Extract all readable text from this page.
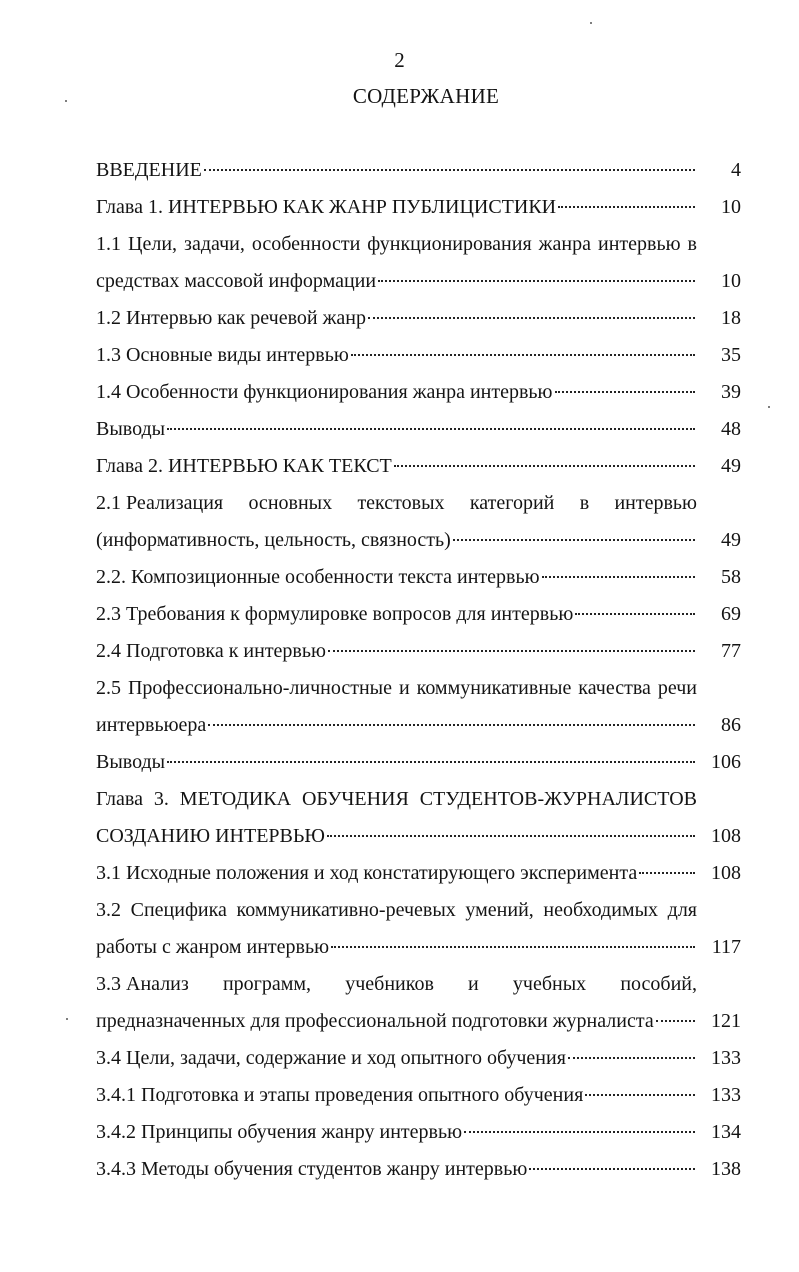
2
СОДЕРЖАНИЕ
ВВЕДЕНИЕ	4
Глава 1. ИНТЕРВЬЮ КАК ЖАНР ПУБЛИЦИСТИКИ	10
1.1 Цели, задачи, особенности функционирования жанра интервью в
средствах массовой информации	10
1.2 Интервью как речевой жанр	18
1.3 Основные виды интервью	35
1.4 Особенности функционирования жанра интервью	39
Выводы	48
Глава 2. ИНТЕРВЬЮ КАК ТЕКСТ	49
2.1 Реализация основных текстовых категорий в интервью
(информативность, цельность, связность)	49
2.2. Композиционные особенности текста интервью	58
2.3 Требования к формулировке вопросов для интервью	69
2.4 Подготовка к интервью	77
2.5 Профессионально-личностные и коммуникативные качества речи
интервьюера	86
Выводы	106
Глава 3. МЕТОДИКА ОБУЧЕНИЯ СТУДЕНТОВ-ЖУРНАЛИСТОВ
СОЗДАНИЮ ИНТЕРВЬЮ	108
3.1 Исходные положения и ход констатирующего эксперимента	108
3.2 Специфика коммуникативно-речевых умений, необходимых для
работы с жанром интервью	117
3.3 Анализ программ, учебников и учебных пособий,
предназначенных для профессиональной подготовки журналиста	121
3.4 Цели, задачи, содержание и ход опытного обучения	133
3.4.1 Подготовка и этапы проведения опытного обучения	133
3.4.2 Принципы обучения жанру интервью	134
3.4.3 Методы обучения студентов жанру интервью	138
